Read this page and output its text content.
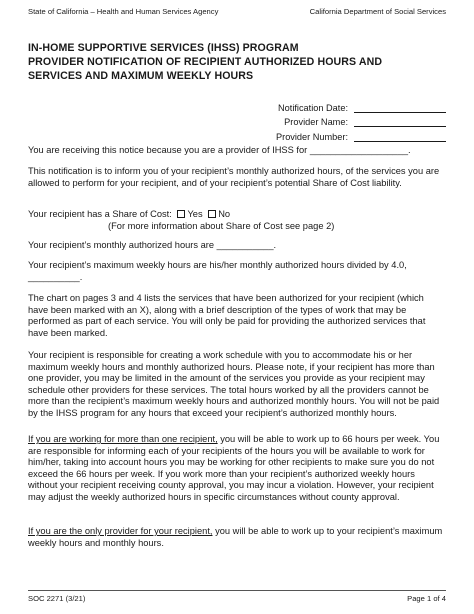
State of California – Health and Human Services Agency	California Department of Social Services
IN-HOME SUPPORTIVE SERVICES (IHSS) PROGRAM
PROVIDER NOTIFICATION OF RECIPIENT AUTHORIZED HOURS AND
SERVICES AND MAXIMUM WEEKLY HOURS
Notification Date:
Provider Name:
Provider Number:

You are receiving this notice because you are a provider of IHSS for ___________________.

This notification is to inform you of your recipient’s monthly authorized hours, of the services you are allowed to perform for your recipient, and of your recipient’s potential Share of Cost liability.

Your recipient has a Share of Cost: Yes No

(For more information about Share of Cost see page 2)

Your recipient’s monthly authorized hours are ___________.

Your recipient’s maximum weekly hours are his/her monthly authorized hours divided by 4.0, __________.

The chart on pages 3 and 4 lists the services that have been authorized for your recipient (which have been marked with an X), along with a brief description of the types of work that may be performed as part of each service. You will only be paid for providing the authorized services that have been marked.

Your recipient is responsible for creating a work schedule with you to accommodate his or her maximum weekly hours and monthly authorized hours. Please note, if your recipient has more than one provider, you may be limited in the amount of the services you provide as your recipient may schedule other providers for these services. The total hours worked by all the providers cannot be more than the recipient’s maximum weekly hours and authorized monthly hours. You will not be paid by the IHSS program for any hours that exceed your recipient’s authorized monthly hours.

If you are working for more than one recipient, you will be able to work up to 66 hours per week. You are responsible for informing each of your recipients of the hours you will be available to work for him/her, taking into account hours you may be working for other recipients to make sure you do not exceed the 66 hours per week. If you work more than your recipient’s authorized weekly hours without your recipient receiving county approval, you may incur a violation. However, your recipient may adjust the weekly authorized hours in specific circumstances without county approval.

If you are the only provider for your recipient, you will be able to work up to your recipient’s maximum weekly hours and monthly hours.

SOC 2271 (3/21)	Page 1 of 4
